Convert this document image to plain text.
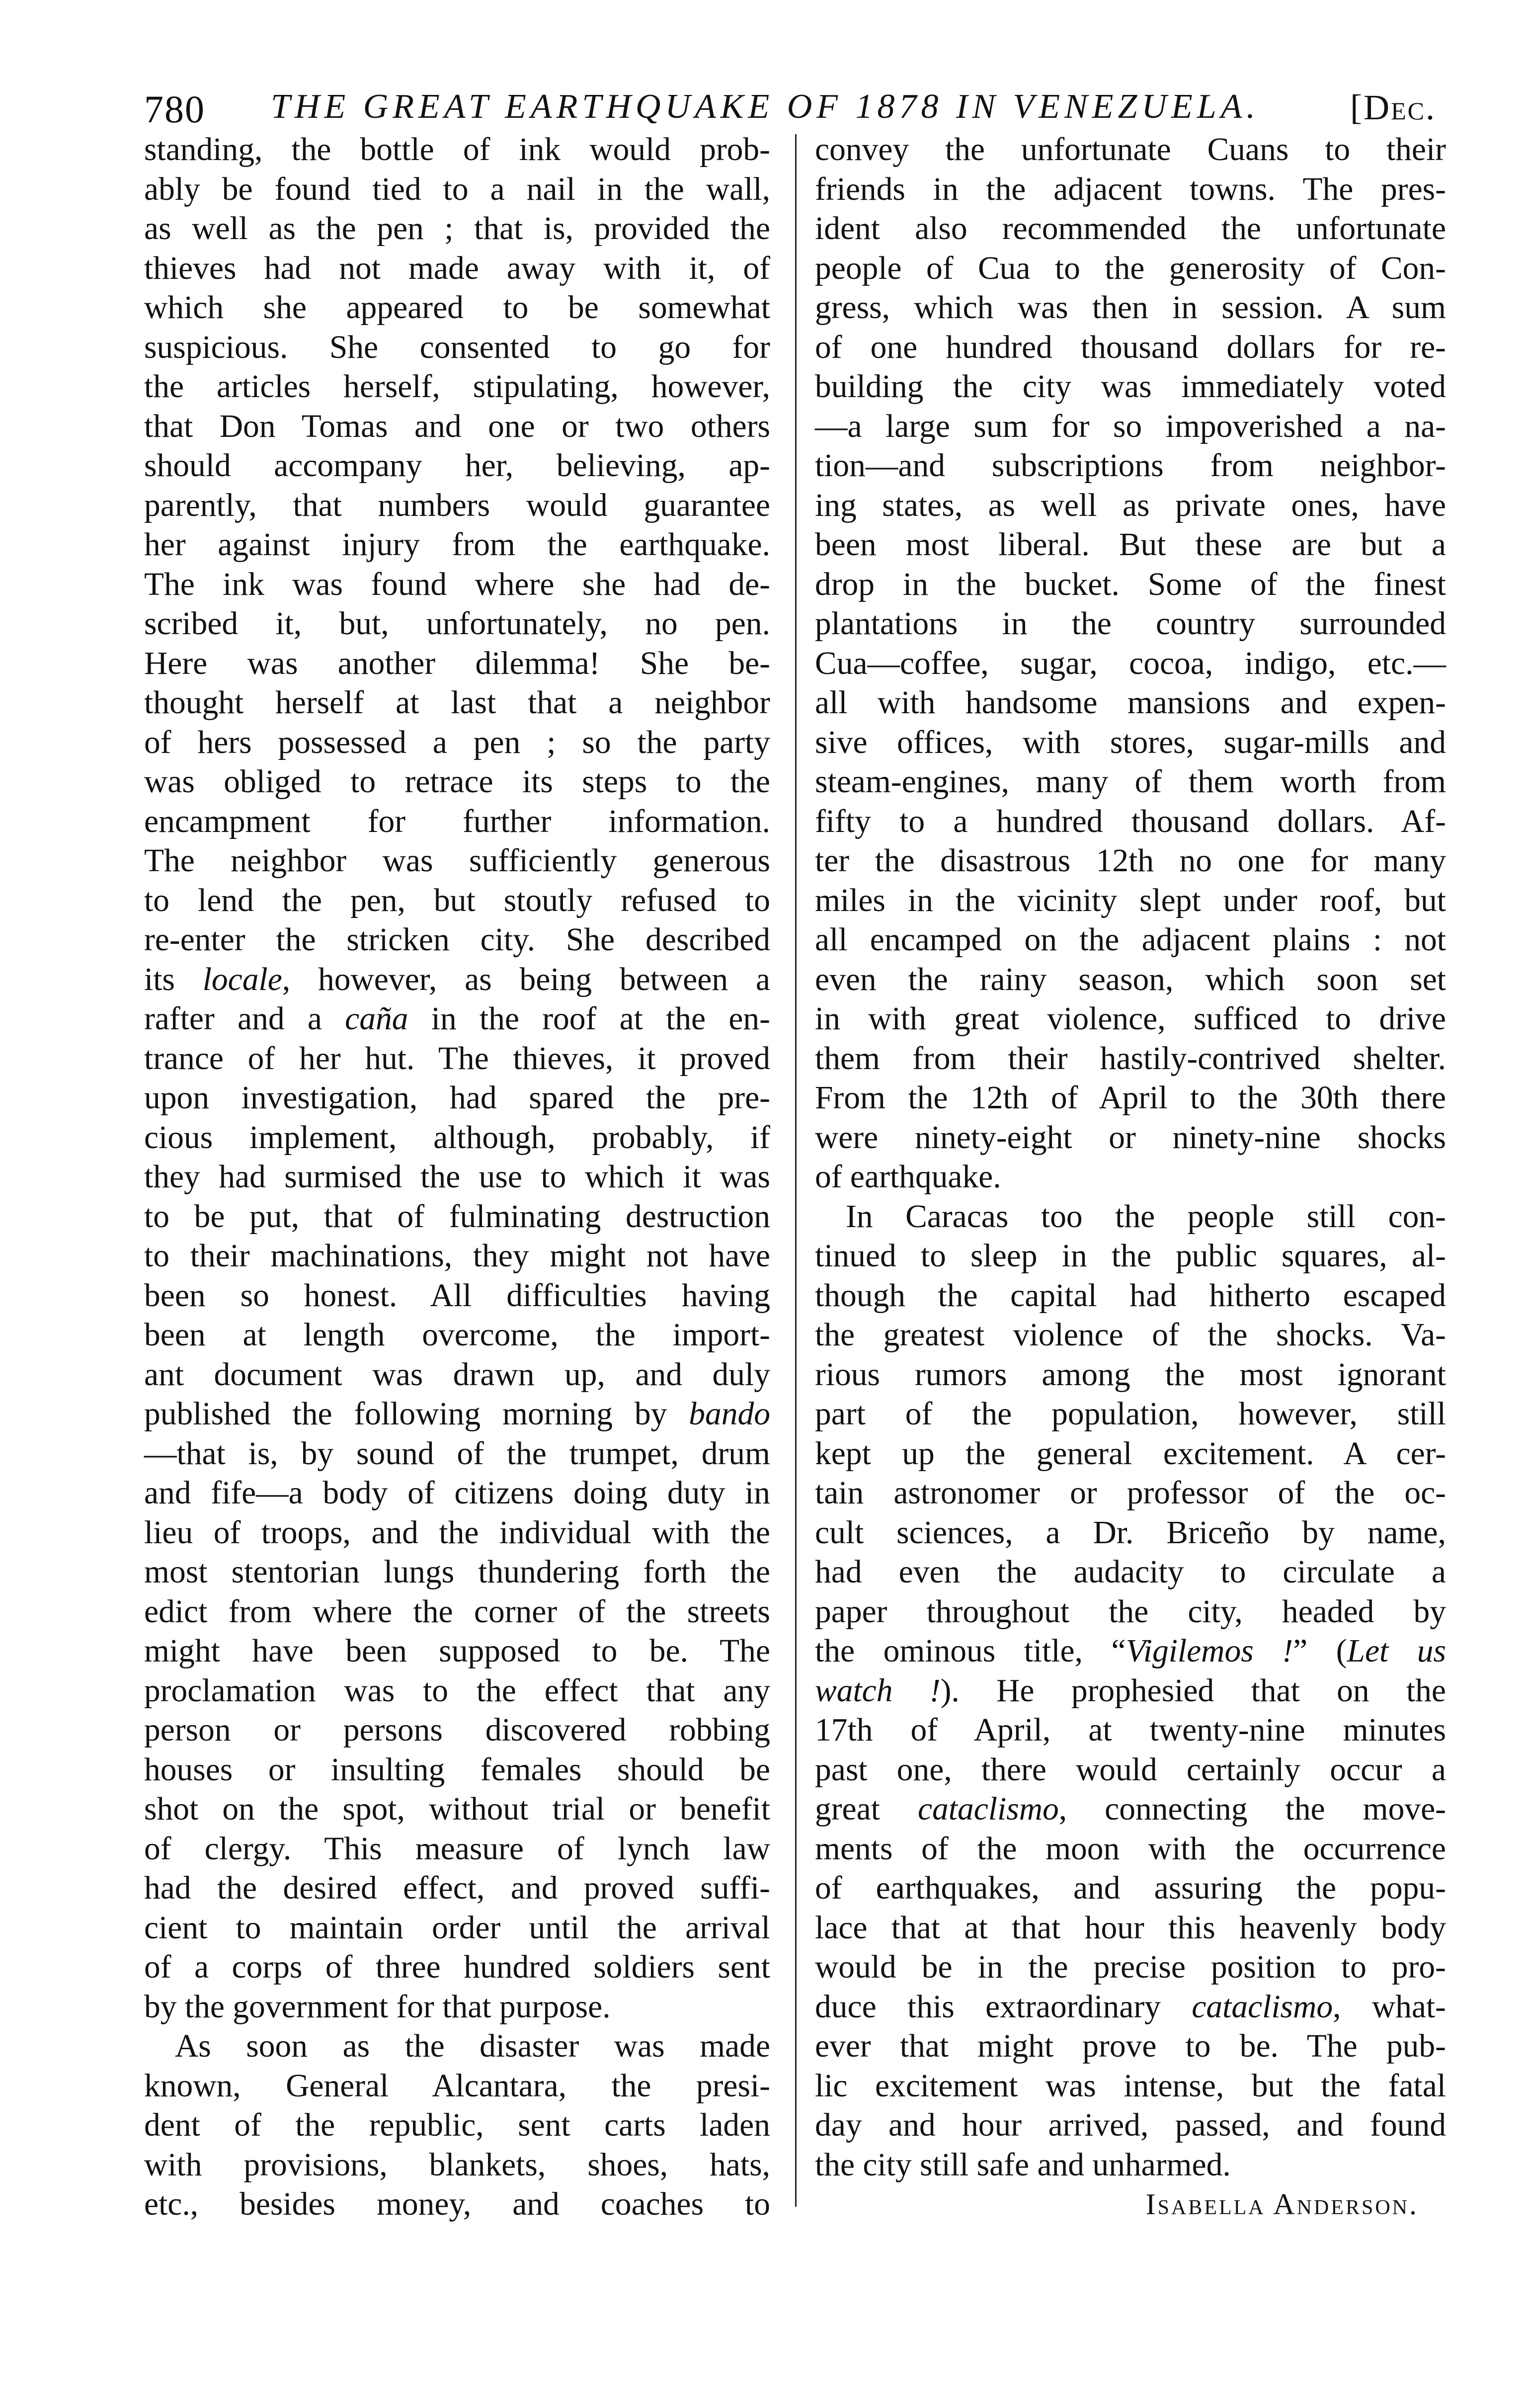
780 THE GREAT EARTHQUAKE OF 1878 IN VENEZUELA.	[Dec.
standing, the bottle of ink would prob-
ably be found tied to a nail in the wall,
as well as the pen ; that is, provided the
thieves had not made away with it, of
which she appeared to be somewhat
suspicious. She consented to go for
the articles herself, stipulating, however,
that Don Tomas and one or two others
should accompany her, believing, ap-
parently, that numbers would guarantee
her against injury from the earthquake.
The ink was found where she had de-
scribed it, but, unfortunately, no pen.
Here was another dilemma! She be-
thought herself at last that a neighbor
of hers possessed a pen ; so the party
was obliged to retrace its steps to the
encampment for further information.
The neighbor was sufficiently generous
to lend the pen, but stoutly refused to
re-enter the stricken city. She described
its locale, however, as being between a
rafter and a caña in the roof at the en-
trance of her hut. The thieves, it proved
upon investigation, had spared the pre-
cious implement, although, probably, if
they had surmised the use to which it was
to be put, that of fulminating destruction
to their machinations, they might not have
been so honest. All difficulties having
been at length overcome, the import-
ant document was drawn up, and duly
published the following morning by bando
—that is, by sound of the trumpet, drum
and fife—a body of citizens doing duty in
lieu of troops, and the individual with the
most stentorian lungs thundering forth the
edict from where the corner of the streets
might have been supposed to be. The
proclamation was to the effect that any
person or persons discovered robbing
houses or insulting females should be
shot on the spot, without trial or benefit
of clergy. This measure of lynch law
had the desired effect, and proved suffi-
cient to maintain order until the arrival
of a corps of three hundred soldiers sent
by the government for that purpose.
As soon as the disaster was made
known, General Alcantara, the presi-
dent of the republic, sent carts laden
with provisions, blankets, shoes, hats,
etc., besides money, and coaches to
convey the unfortunate Cuans to their
friends in the adjacent towns. The pres-
ident also recommended the unfortunate
people of Cua to the generosity of Con-
gress, which was then in session. A sum
of one hundred thousand dollars for re-
building the city was immediately voted
—a large sum for so impoverished a na-
tion—and subscriptions from neighbor-
ing states, as well as private ones, have
been most liberal. But these are but a
drop in the bucket. Some of the finest
plantations in the country surrounded
Cua—coffee, sugar, cocoa, indigo, etc.—
all with handsome mansions and expen-
sive offices, with stores, sugar-mills and
steam-engines, many of them worth from
fifty to a hundred thousand dollars. Af-
ter the disastrous 12th no one for many
miles in the vicinity slept under roof, but
all encamped on the adjacent plains : not
even the rainy season, which soon set
in with great violence, sufficed to drive
them from their hastily-contrived shelter.
From the 12th of April to the 30th there
were ninety-eight or ninety-nine shocks
of earthquake.
In Caracas too the people still con-
tinued to sleep in the public squares, al-
though the capital had hitherto escaped
the greatest violence of the shocks. Va-
rious rumors among the most ignorant
part of the population, however, still
kept up the general excitement. A cer-
tain astronomer or professor of the oc-
cult sciences, a Dr. Briceño by name,
had even the audacity to circulate a
paper throughout the city, headed by
the ominous title, “Vigilemos !” (Let us
watch !). He prophesied that on the
17th of April, at twenty-nine minutes
past one, there would certainly occur a
great cataclismo, connecting the move-
ments of the moon with the occurrence
of earthquakes, and assuring the popu-
lace that at that hour this heavenly body
would be in the precise position to pro-
duce this extraordinary cataclismo, what-
ever that might prove to be. The pub-
lic excitement was intense, but the fatal
day and hour arrived, passed, and found
the city still safe and unharmed.
Isabella Anderson.
